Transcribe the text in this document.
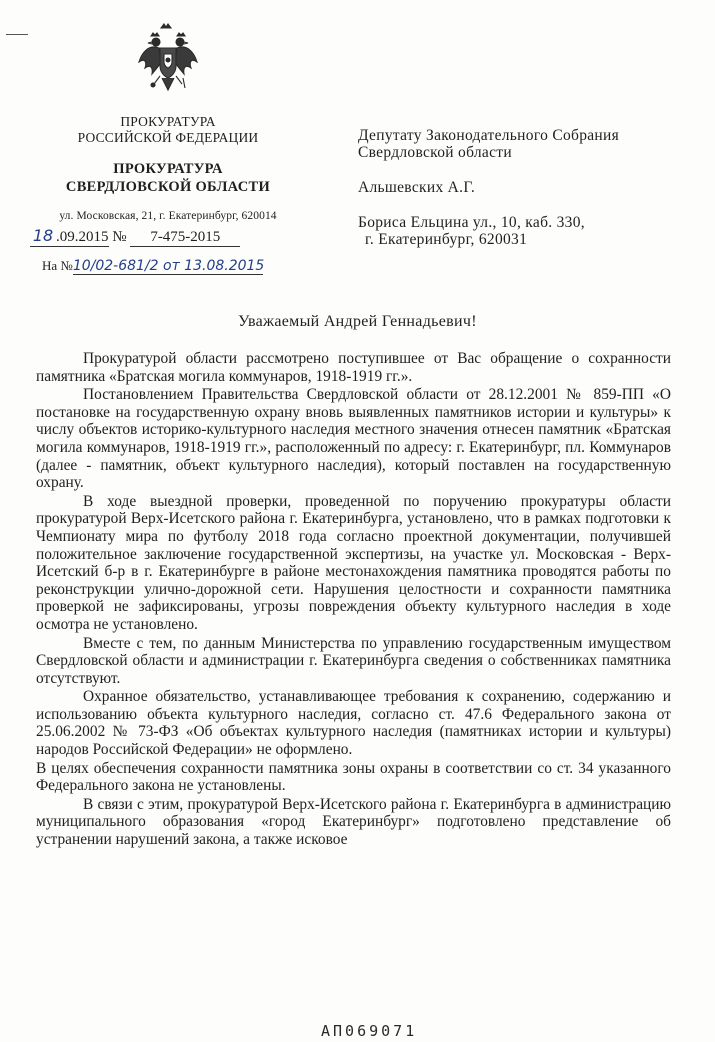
ПРОКУРАТУРА
РОССИЙСКОЙ ФЕДЕРАЦИИ
ПРОКУРАТУРА
СВЕРДЛОВСКОЙ ОБЛАСТИ
ул. Московская, 21, г. Екатеринбург, 620014
18 .09.2015 № 7-475-2015
На №10/02-681/2 от 13.08.2015
Депутату Законодательного Собрания
Свердловской области
Альшевских А.Г.
Бориса Ельцина ул., 10, каб. 330,
г. Екатеринбург, 620031
Уважаемый Андрей Геннадьевич!

Прокуратурой области рассмотрено поступившее от Вас обращение о сохранности памятника «Братская могила коммунаров, 1918-1919 гг.».

Постановлением Правительства Свердловской области от 28.12.2001 № 859-ПП «О постановке на государственную охрану вновь выявленных памятников истории и культуры» к числу объектов историко-культурного наследия местного значения отнесен памятник «Братская могила коммунаров, 1918-1919 гг.», расположенный по адресу: г. Екатеринбург, пл. Коммунаров (далее - памятник, объект культурного наследия), который поставлен на государственную охрану.

В ходе выездной проверки, проведенной по поручению прокуратуры области прокуратурой Верх-Исетского района г. Екатеринбурга, установлено, что в рамках подготовки к Чемпионату мира по футболу 2018 года согласно проектной документации, получившей положительное заключение государственной экспертизы, на участке ул. Московская - Верх-Исетский б-р в г. Екатеринбурге в районе местонахождения памятника проводятся работы по реконструкции улично-дорожной сети. Нарушения целостности и сохранности памятника проверкой не зафиксированы, угрозы повреждения объекту культурного наследия в ходе осмотра не установлено.

Вместе с тем, по данным Министерства по управлению государственным имуществом Свердловской области и администрации г. Екатеринбурга сведения о собственниках памятника отсутствуют.

Охранное обязательство, устанавливающее требования к сохранению, содержанию и использованию объекта культурного наследия, согласно ст. 47.6 Федерального закона от 25.06.2002 № 73-ФЗ «Об объектах культурного наследия (памятниках истории и культуры) народов Российской Федерации» не оформлено.

В целях обеспечения сохранности памятника зоны охраны в соответствии со ст. 34 указанного Федерального закона не установлены.

В связи с этим, прокуратурой Верх-Исетского района г. Екатеринбурга в администрацию муниципального образования «город Екатеринбург» подготовлено представление об устранении нарушений закона, а также исковое

АП069071
